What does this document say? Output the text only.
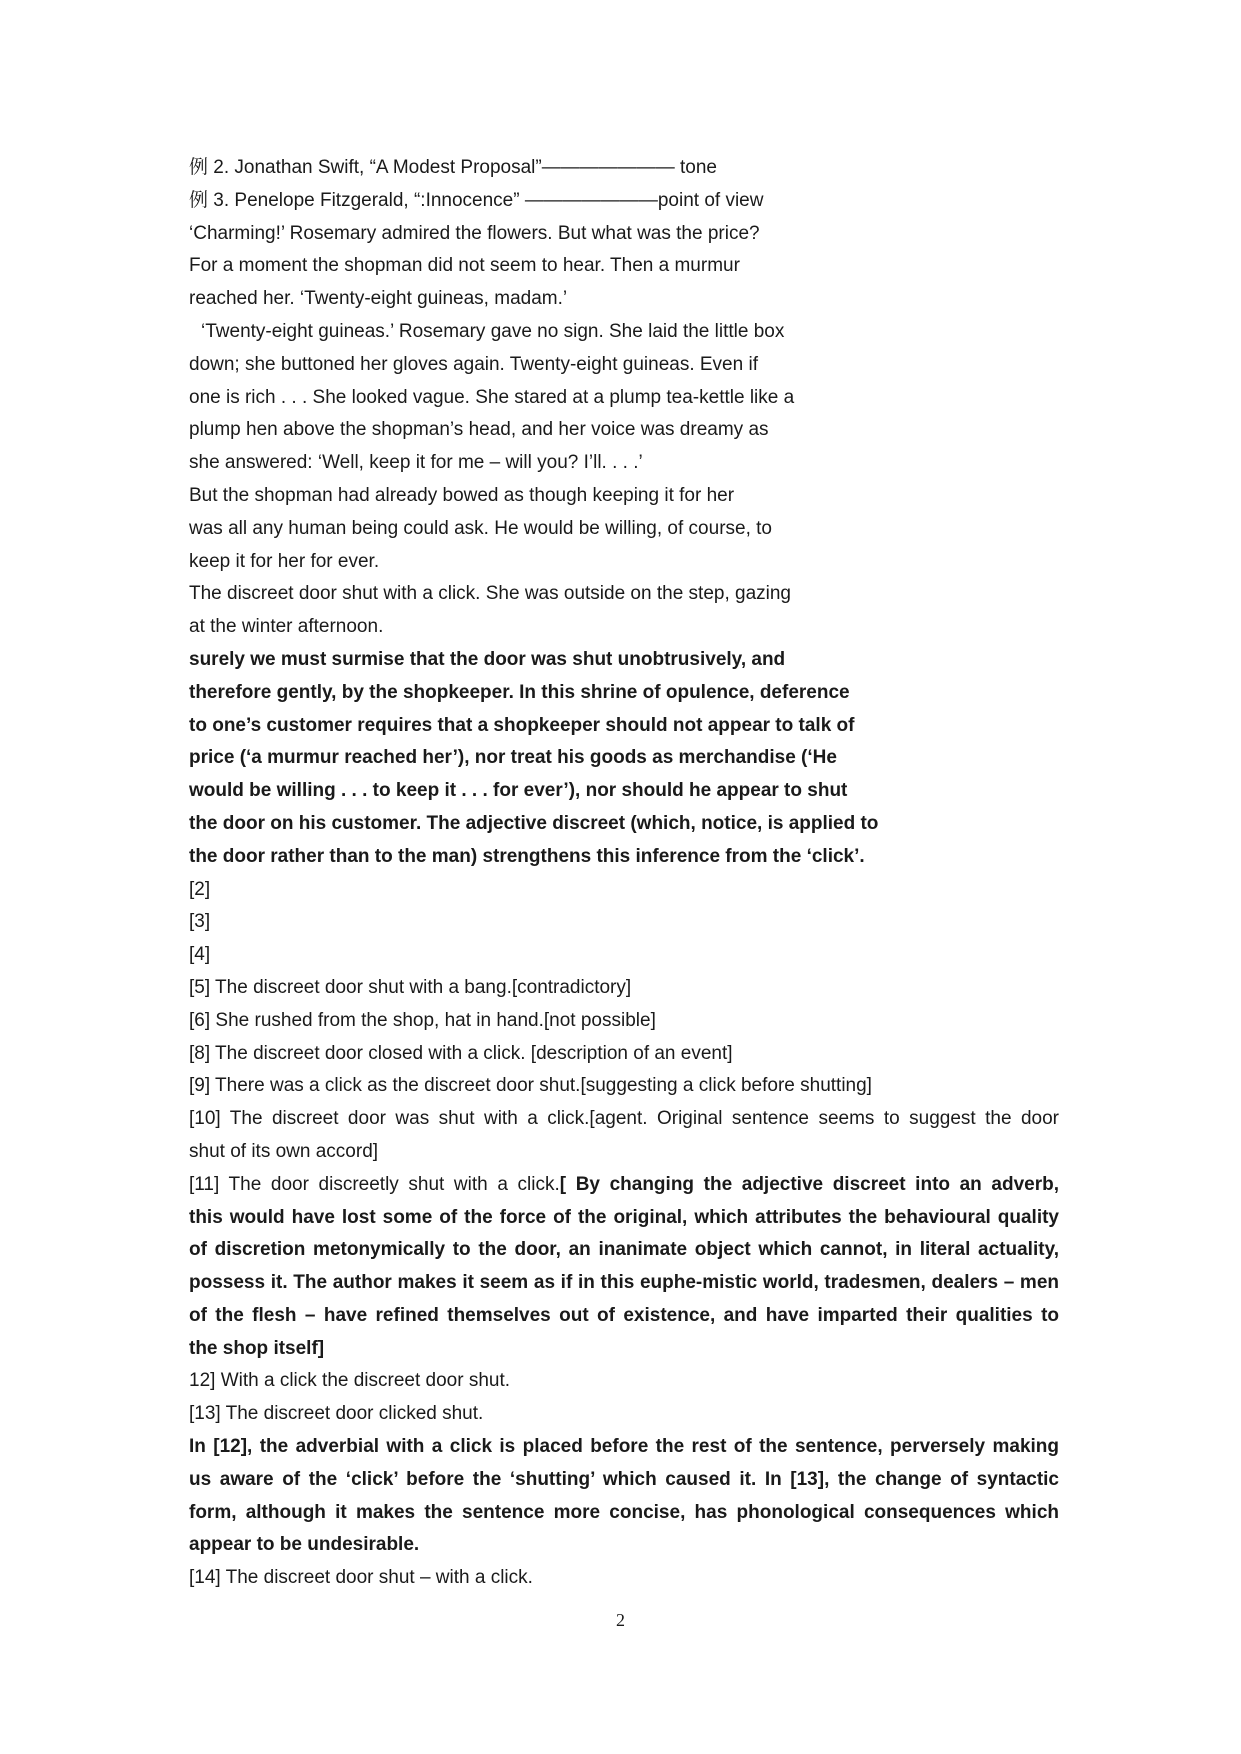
例 2. Jonathan Swift, “A Modest Proposal”——————— tone

例 3. Penelope Fitzgerald, “:Innocence” ———————point of view

‘Charming!’ Rosemary admired the flowers. But what was the price?

For a moment the shopman did not seem to hear. Then a murmur

reached her. ‘Twenty-eight guineas, madam.’

‘Twenty-eight guineas.’ Rosemary gave no sign. She laid the little box

down; she buttoned her gloves again. Twenty-eight guineas. Even if

one is rich . . . She looked vague. She stared at a plump tea-kettle like a

plump hen above the shopman’s head, and her voice was dreamy as

she answered: ‘Well, keep it for me – will you? I’ll. . . .’

But the shopman had already bowed as though keeping it for her

was all any human being could ask. He would be willing, of course, to

keep it for her for ever.

The discreet door shut with a click. She was outside on the step, gazing

at the winter afternoon.

surely we must surmise that the door was shut unobtrusively, and

therefore gently, by the shopkeeper. In this shrine of opulence, deference

to one’s customer requires that a shopkeeper should not appear to talk of

price (‘a murmur reached her’), nor treat his goods as merchandise (‘He

would be willing . . . to keep it . . . for ever’), nor should he appear to shut

the door on his customer. The adjective discreet (which, notice, is applied to

the door rather than to the man) strengthens this inference from the ‘click’.

[2]

[3]

[4]

[5] The discreet door shut with a bang.[contradictory]

[6] She rushed from the shop, hat in hand.[not possible]

[8] The discreet door closed with a click. [description of an event]

[9] There was a click as the discreet door shut.[suggesting a click before shutting]

[10] The discreet door was shut with a click.[agent. Original sentence seems to suggest the door

shut of its own accord]

[11] The door discreetly shut with a click.[ By changing the adjective discreet into an adverb,

this would have lost some of the force of the original, which attributes the behavioural quality

of discretion metonymically to the door, an inanimate object which cannot, in literal actuality,

possess it. The author makes it seem as if in this euphe-mistic world, tradesmen, dealers – men

of the flesh – have refined themselves out of existence, and have imparted their qualities to

the shop itself]

12] With a click the discreet door shut.

[13] The discreet door clicked shut.

In [12], the adverbial with a click is placed before the rest of the sentence, perversely making

us aware of the ‘click’ before the ‘shutting’ which caused it. In [13], the change of syntactic

form, although it makes the sentence more concise, has phonological consequences which

appear to be undesirable.

[14] The discreet door shut – with a click.

2
